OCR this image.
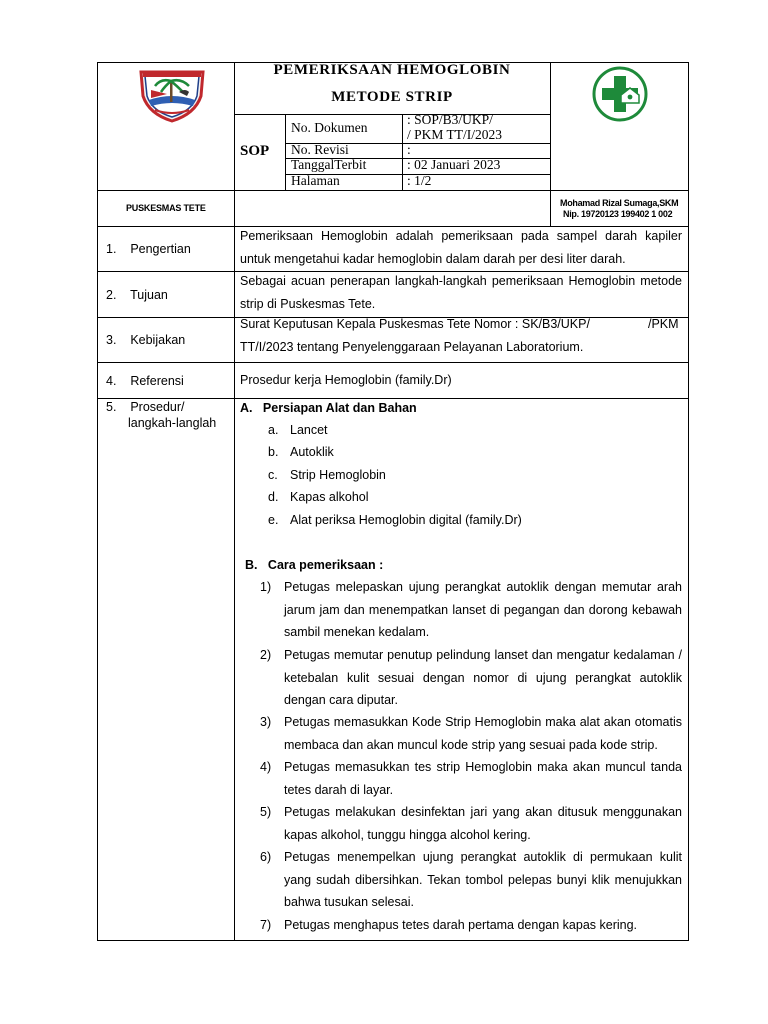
PEMERIKSAAN HEMOGLOBIN
METODE STRIP
SOP
No. Dokumen
: SOP/B3/UKP/
/ PKM TT/I/2023
No. Revisi	:
TanggalTerbit	: 02 Januari 2023
Halaman	: 1/2
PUSKESMAS TETE	Mohamad Rizal Sumaga,SKM
Nip. 19720123 199402 1 002
1.    Pengertian
Pemeriksaan Hemoglobin adalah pemeriksaan pada sampel darah kapiler untuk mengetahui kadar hemoglobin dalam darah per desi liter darah.
2.    Tujuan
Sebagai acuan penerapan langkah-langkah pemeriksaan Hemoglobin metode strip di Puskesmas Tete.
3.    Kebijakan
Surat Keputusan Kepala Puskesmas Tete Nomor : SK/B3/UKP/	/PKM
TT/I/2023 tentang Penyelenggaraan Pelayanan Laboratorium.
4.    Referensi	Prosedur kerja Hemoglobin (family.Dr)
5.    Prosedur/
langkah-langlah
A.   Persiapan Alat dan Bahan
a. Lancet
b. Autoklik
c. Strip Hemoglobin
d. Kapas alkohol
e. Alat periksa Hemoglobin digital (family.Dr)
B.   Cara pemeriksaan :
1) Petugas melepaskan ujung perangkat autoklik dengan memutar arah jarum jam dan menempatkan lanset di pegangan dan dorong kebawah sambil menekan kedalam.
2) Petugas memutar penutup pelindung lanset dan mengatur kedalaman / ketebalan kulit sesuai dengan nomor di ujung perangkat autoklik dengan cara diputar.
3) Petugas memasukkan Kode Strip Hemoglobin maka alat akan otomatis membaca dan akan muncul kode strip yang sesuai pada kode strip.
4) Petugas memasukkan tes strip Hemoglobin maka akan muncul tanda tetes darah di layar.
5) Petugas melakukan desinfektan jari yang akan ditusuk menggunakan kapas alkohol, tunggu hingga alcohol kering.
6) Petugas menempelkan ujung perangkat autoklik di permukaan kulit yang sudah dibersihkan. Tekan tombol pelepas bunyi klik menujukkan bahwa tusukan selesai.
7) Petugas menghapus tetes darah pertama dengan kapas kering.
